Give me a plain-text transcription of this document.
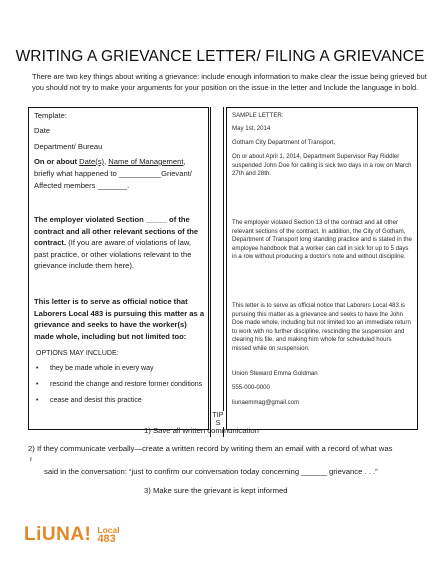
WRITING A GRIEVANCE LETTER/ FILING A GRIEVANCE
There are two key things about writing a grievance: include enough information to make clear the issue being grieved but you should not try to make your arguments for your position on the issue in the letter and Include the language in bold.
Template:
Date
Department/ Bureau
On or about Date(s), Name of Management,
briefly what happened to __________Grievant/
Affected members _______.
The employer violated Section _____ of the contract and all other relevant sections of the contract. (If you are aware of violations of law, past practice, or other violations relevant to the grievance include them here).
This letter is to serve as official notice that Laborers Local 483 is pursuing this matter as a grievance and seeks to have the worker(s) made whole, including but not limited too:
OPTIONS MAY INCLUDE:
• they be made whole in every way
• rescind the change and restore former conditions
• cease and desist this practice
TIP
S
SAMPLE LETTER:
May 1st, 2014
Gotham City Department of Transport,
On or about April 1, 2014, Department Supervisor Ray Riddler suspended John Doe for calling is sick two days in a row on March 27th and 28th.
The employer violated Section 13 of the contract and all other relevant sections of the contract. In addition, the City of Gotham, Department of Transport long standing practice and is stated in the employee handbook that a worker can call in sick for up to 5 days in a row without producing a doctor's note and without discipline.
This letter is to serve as official notice that Laborers Local 483 is pursuing this matter as a grievance and seeks to have the John Doe made whole, including but not limited too an immediate return to work with no further discipline, rescinding the suspension and clearing his file, and making him whole for scheduled hours missed while on suspension.
Union Steward Emma Goldman
555-000-0000
liunaemmag@gmail.com
1) Save all written communication
2) If they communicate verbally—create a written record by writing them an email with a record of what was
r
said in the conversation: “just to confirm our conversation today concerning ______ grievance . . .”
3) Make sure the grievant is kept informed
LiUNA! Local
483
